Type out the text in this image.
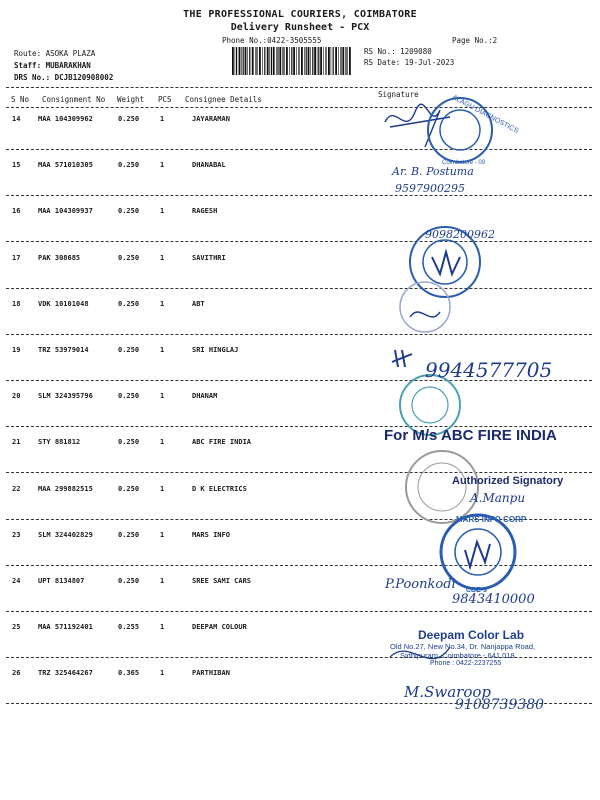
THE PROFESSIONAL COURIERS, COIMBATORE
Delivery Runsheet - PCX
Phone No.:0422-3505555	Page No.:2
Route: ASOKA PLAZA
Staff: MUBARAKHAN
DRS No.: DCJB120908002
RS No.: 1209080
RS Date: 19-Jul-2023
S No Consignment No Weight PCS Consignee Details
Signature
14	MAA 104309962	0.250	1	JAYARAMAN
15	MAA 571010305	0.250	1	DHANABAL
16	MAA 104309937	0.250	1	RAGESH
17	PAK 308685	0.250	1	SAVITHRI
18	VDK 10101048	0.250	1	ABT
19	TRZ 53979014	0.250	1	SRI HINGLAJ
20	SLM 324395796	0.250	1	DHANAM
21	STY 881812	0.250	1	ABC FIRE INDIA
22	MAA 299882515	0.250	1	D K ELECTRICS
23	SLM 324402829	0.250	1	MARS INFO
24	UPT 8134807	0.250	1	SREE SAMI CARS
25	MAA 571192401	0.255	1	DEEPAM COLOUR
26	TRZ 325464267	0.365	1	PARTHIBAN
ALAGU DIAGNOSTICS
Coimbatore - 09
MARS INFO CORP
CBE-9
Ar. B. Postuma
9597900295
9098200962
9944577705
For M/s ABC FIRE INDIA
Authorized Signatory
A.Manpu
P.Poonkodi
9843410000
Deepam Color Lab
Old No.27, New No.34, Dr. Nanjappa Road,
Sidhipuram, Coimbatore - 641 018.
Phone : 0422-2237255
M.Swaroop
9108739380
